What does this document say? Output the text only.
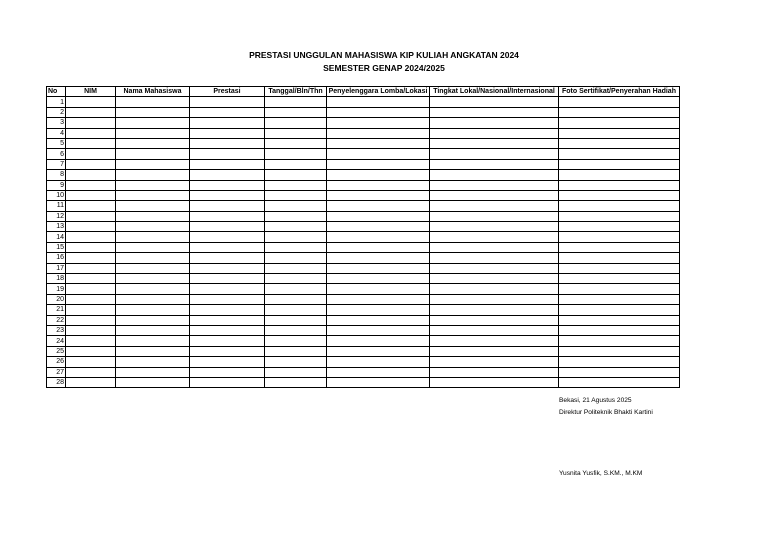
PRESTASI UNGGULAN MAHASISWA KIP KULIAH ANGKATAN 2024
SEMESTER GENAP 2024/2025
No	NIM	Nama Mahasiswa	Prestasi	Tanggal/Bln/Thn	Penyelenggara Lomba/Lokasi	Tingkat Lokal/Nasional/Internasional	Foto Sertifikat/Penyerahan Hadiah
1							
2							
3							
4							
5							
6							
7							
8							
9							
10							
11							
12							
13							
14							
15							
16							
17							
18							
19							
20							
21							
22							
23							
24							
25							
26							
27							
28							
Bekasi, 21 Agustus 2025
Direktur Politeknik Bhakti Kartini
Yusnita Yusfik, S.KM., M.KM
